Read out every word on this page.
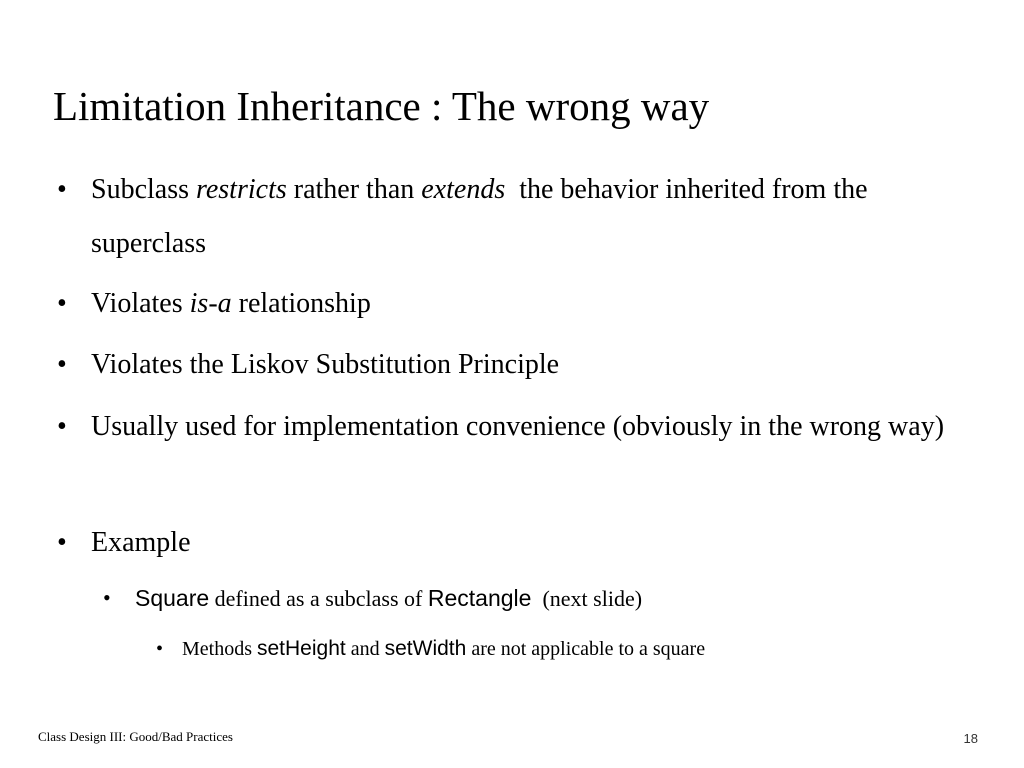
Limitation Inheritance : The wrong way
• Subclass restricts rather than extends  the behavior inherited from the superclass
• Violates is-a relationship
• Violates the Liskov Substitution Principle
• Usually used for implementation convenience (obviously in the wrong way)
• Example
• Square defined as a subclass of Rectangle  (next slide)
• Methods setHeight and setWidth are not applicable to a square
Class Design III: Good/Bad Practices	18
